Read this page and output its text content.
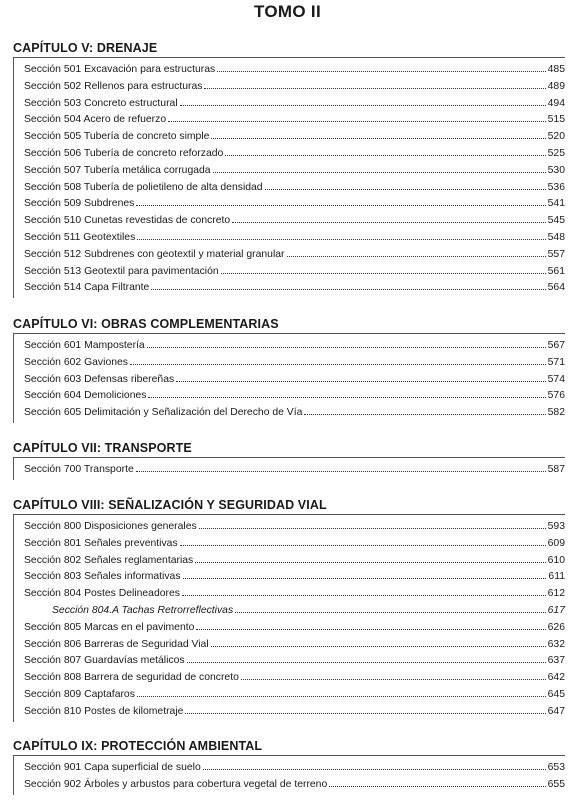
TOMO II
CAPÍTULO V: DRENAJE
Sección 501 Excavación para estructuras	485
Sección 502 Rellenos para estructuras	489
Sección 503 Concreto estructural	494
Sección 504 Acero de refuerzo	515
Sección 505 Tubería de concreto simple	520
Sección 506 Tubería de concreto reforzado	525
Sección 507 Tubería metálica corrugada	530
Sección 508 Tubería de polietileno de alta densidad	536
Sección 509 Subdrenes	541
Sección 510 Cunetas revestidas de concreto	545
Sección 511 Geotextiles	548
Sección 512 Subdrenes con geotextil y material granular	557
Sección 513 Geotextil para pavimentación	561
Sección 514 Capa Filtrante	564
CAPÍTULO VI: OBRAS COMPLEMENTARIAS
Sección 601 Mampostería	567
Sección 602 Gaviones	571
Sección 603 Defensas ribereñas	574
Sección 604 Demoliciones	576
Sección 605 Delimitación y Señalización del Derecho de Vía	582
CAPÍTULO VII: TRANSPORTE
Sección 700 Transporte	587
CAPÍTULO VIII: SEÑALIZACIÓN Y SEGURIDAD VIAL
Sección 800 Disposiciones generales	593
Sección 801 Señales preventivas	609
Sección 802 Señales reglamentarias	610
Sección 803 Señales informativas	611
Sección 804 Postes Delineadores	612
Sección 804.A Tachas Retrorreflectivas	617
Sección 805 Marcas en el pavimento	626
Sección 806 Barreras de Seguridad Vial	632
Sección 807 Guardavías metálicos	637
Sección 808 Barrera de seguridad de concreto	642
Sección 809 Captafaros	645
Sección 810 Postes de kilometraje	647
CAPÍTULO IX: PROTECCIÓN AMBIENTAL
Sección 901 Capa superficial de suelo	653
Sección 902 Árboles y arbustos para cobertura vegetal de terreno	655
